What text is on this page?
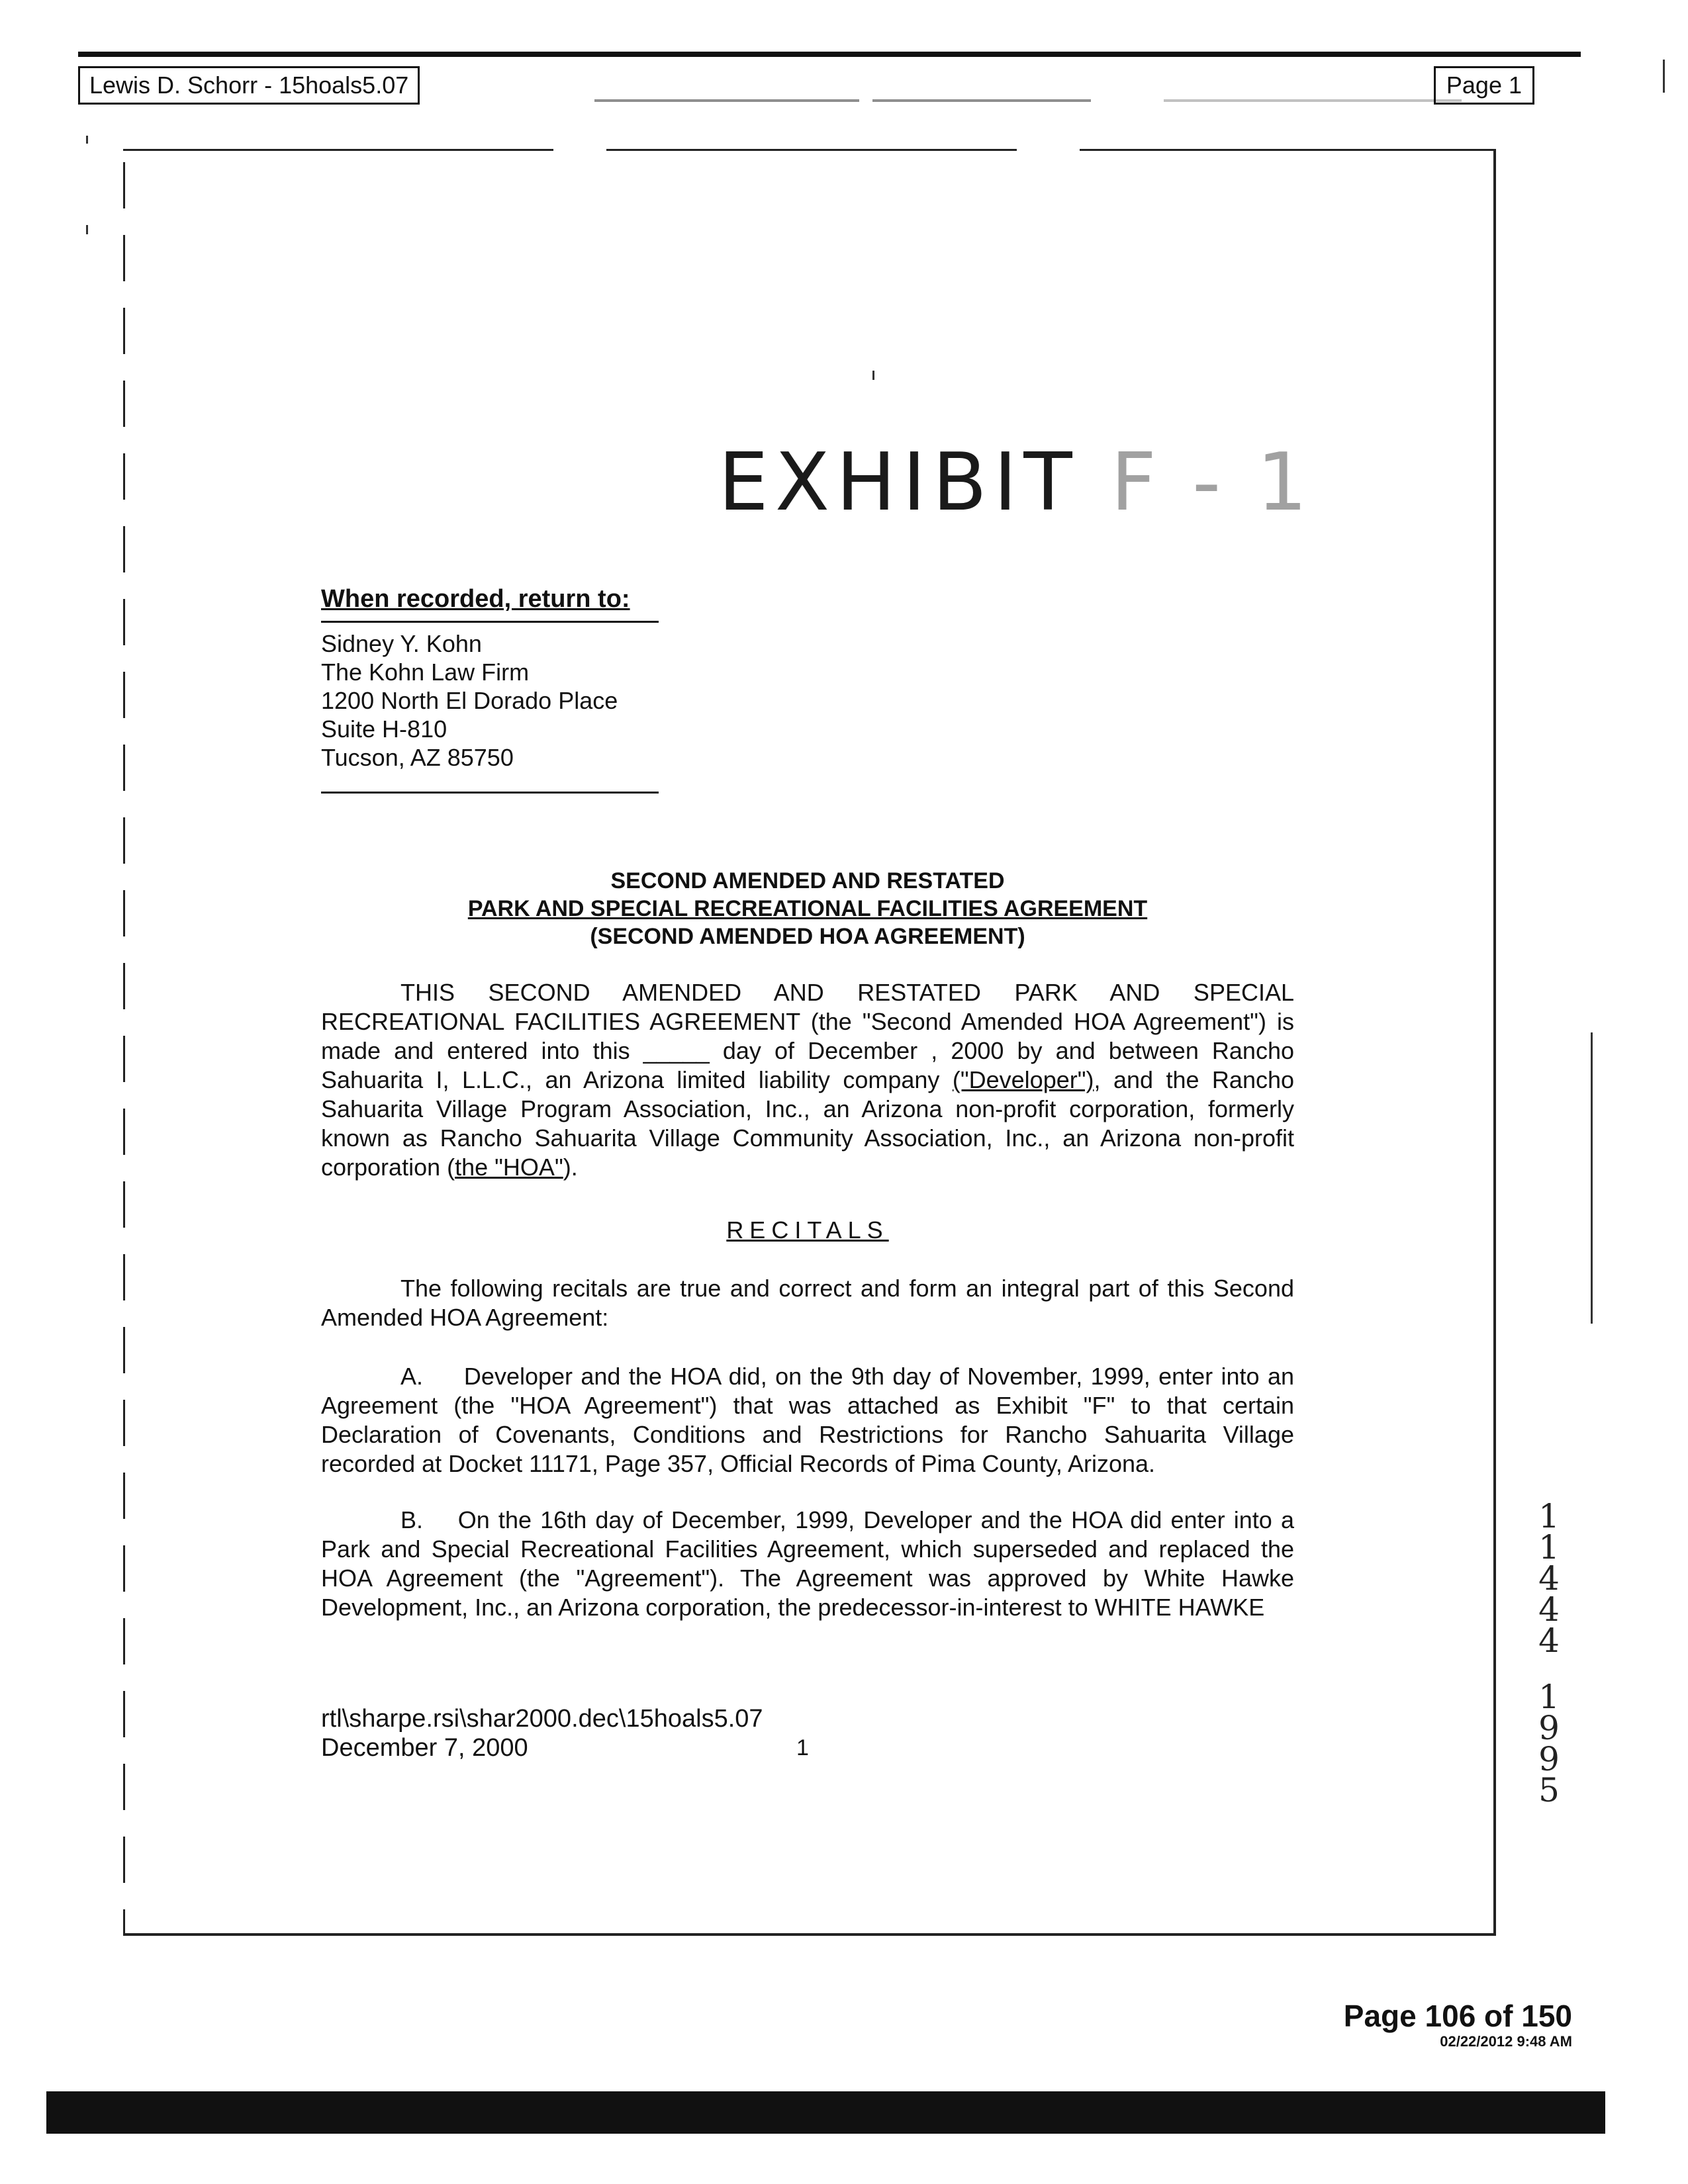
Lewis D. Schorr - 15hoals5.07	Page 1
EXHIBIT F - 1
When recorded, return to:
Sidney Y. Kohn
The Kohn Law Firm
1200 North El Dorado Place
Suite H-810
Tucson, AZ 85750
SECOND AMENDED AND RESTATED
PARK AND SPECIAL RECREATIONAL FACILITIES AGREEMENT
(SECOND AMENDED HOA AGREEMENT)
THIS SECOND AMENDED AND RESTATED PARK AND SPECIAL RECREATIONAL FACILITIES AGREEMENT (the "Second Amended HOA Agreement") is made and entered into this _____ day of December , 2000 by and between Rancho Sahuarita I, L.L.C., an Arizona limited liability company ("Developer"), and the Rancho Sahuarita Village Program Association, Inc., an Arizona non-profit corporation, formerly known as Rancho Sahuarita Village Community Association, Inc., an Arizona non-profit corporation (the "HOA").
RECITALS
The following recitals are true and correct and form an integral part of this Second Amended HOA Agreement:
A. Developer and the HOA did, on the 9th day of November, 1999, enter into an Agreement (the "HOA Agreement") that was attached as Exhibit "F" to that certain Declaration of Covenants, Conditions and Restrictions for Rancho Sahuarita Village recorded at Docket 11171, Page 357, Official Records of Pima County, Arizona.
B. On the 16th day of December, 1999, Developer and the HOA did enter into a Park and Special Recreational Facilities Agreement, which superseded and replaced the HOA Agreement (the "Agreement"). The Agreement was approved by White Hawke Development, Inc., an Arizona corporation, the predecessor-in-interest to WHITE HAWKE
rtl\sharpe.rsi\shar2000.dec\15hoals5.07
December 7, 2000	1
1
1
4
4
4
1
9
9
5
Page 106 of 150
02/22/2012 9:48 AM
